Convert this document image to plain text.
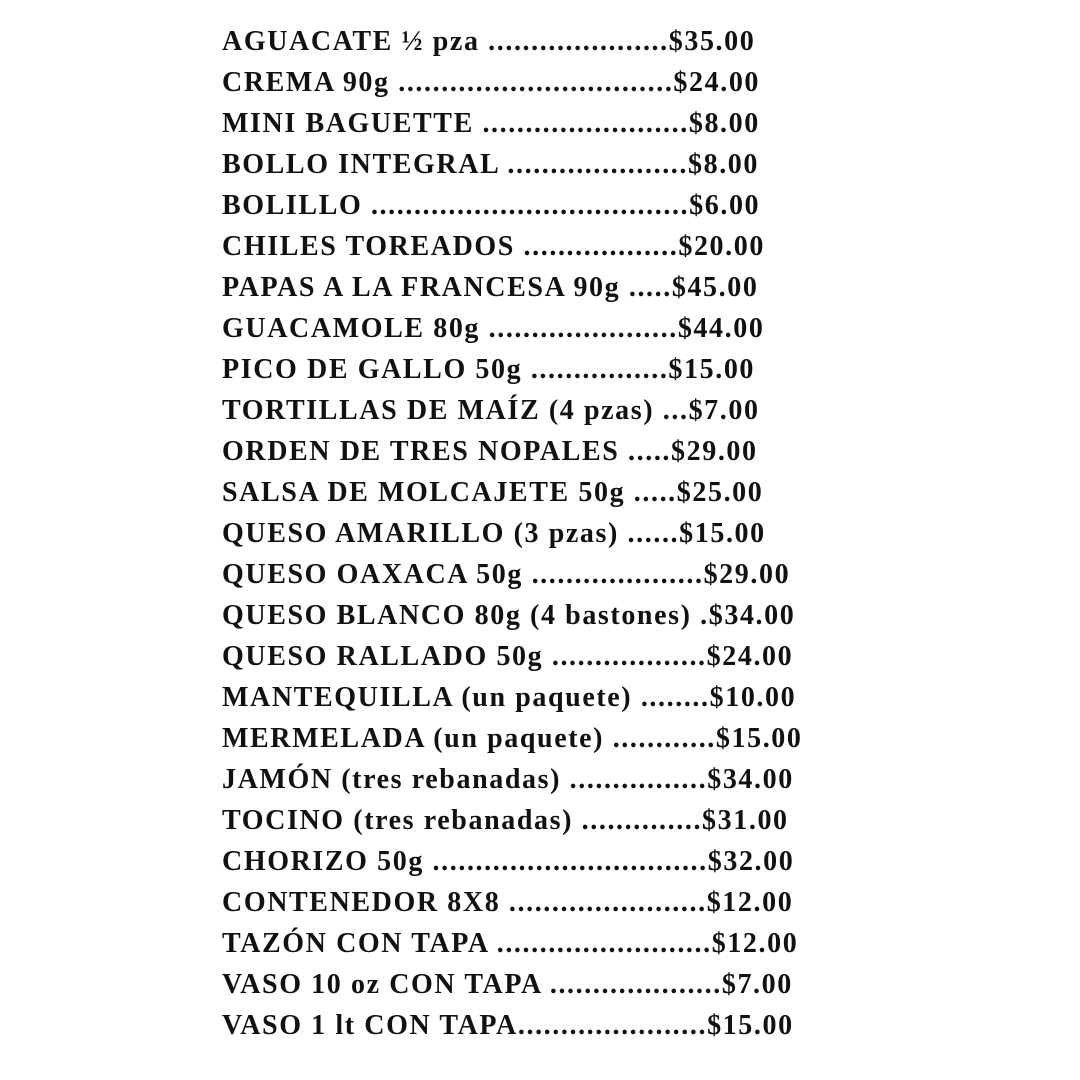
AGUACATE ½ pza .....................$35.00
CREMA 90g ................................$24.00
MINI BAGUETTE ........................$8.00
BOLLO INTEGRAL .....................$8.00
BOLILLO .....................................$6.00
CHILES TOREADOS ..................$20.00
PAPAS A LA FRANCESA 90g .....$45.00
GUACAMOLE 80g ......................$44.00
PICO DE GALLO 50g ................$15.00
TORTILLAS DE MAÍZ (4 pzas) ...$7.00
ORDEN DE TRES NOPALES .....$29.00
SALSA DE MOLCAJETE 50g .....$25.00
QUESO AMARILLO (3 pzas) ......$15.00
QUESO OAXACA 50g ....................$29.00
QUESO BLANCO 80g (4 bastones) .$34.00
QUESO RALLADO 50g ..................$24.00
MANTEQUILLA (un paquete) ........$10.00
MERMELADA (un paquete) ............$15.00
JAMÓN (tres rebanadas) ................$34.00
TOCINO (tres rebanadas) ..............$31.00
CHORIZO 50g ................................$32.00
CONTENEDOR 8X8 .......................$12.00
TAZÓN CON TAPA .........................$12.00
VASO 10 oz CON TAPA ....................$7.00
VASO 1 lt CON TAPA......................$15.00
